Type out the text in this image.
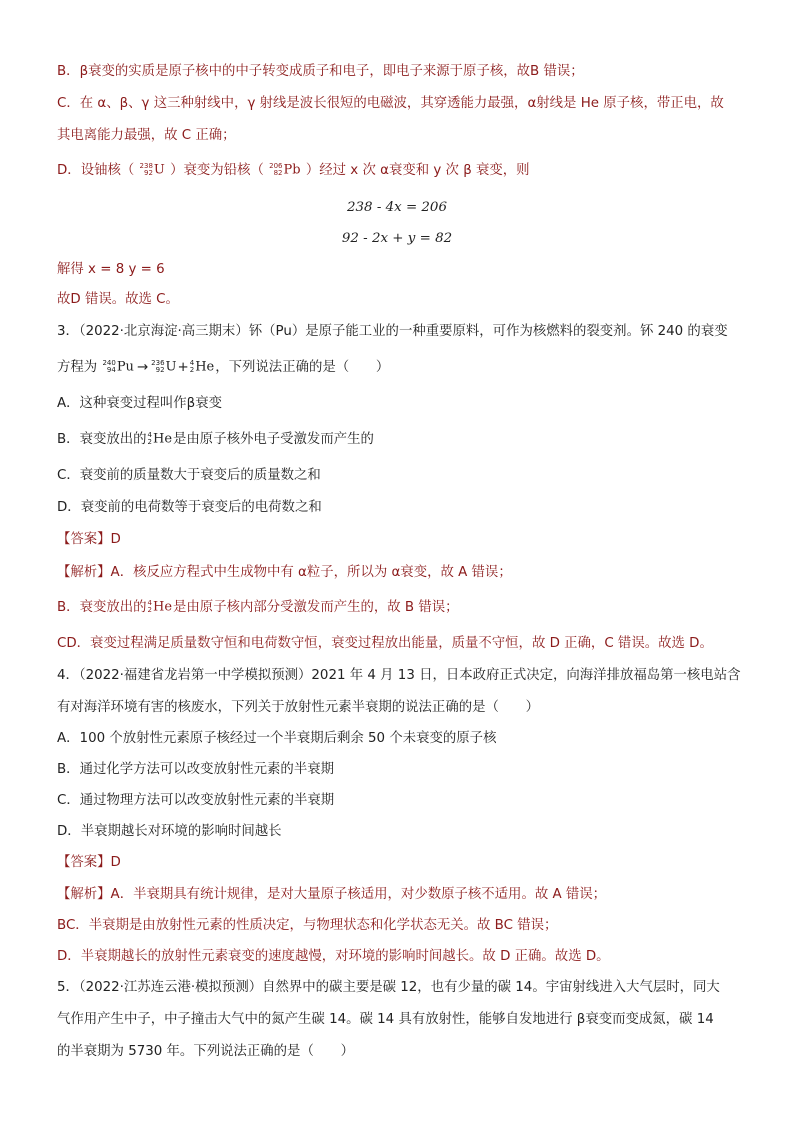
B．β衰变的实质是原子核中的中子转变成质子和电子，即电子来源于原子核，故B 错误；
C．在 α、β、γ 这三种射线中，γ 射线是波长很短的电磁波，其穿透能力最强，α射线是 He 原子核，带正电，故
其电离能力最强，故 C 正确；
D．设铀核（ 238
92 U ）衰变为铅核（ 206
82 Pb ）经过 x 次 α衰变和 y 次 β 衰变，则
238 - 4x = 206
92 - 2x + y = 82
解得 x = 8 y = 6
故D 错误。故选 C。
3．（2022·北京海淀·高三期末）钚（Pu）是原子能工业的一种重要原料，可作为核燃料的裂变剂。钚 240 的衰变
方程为 240
94 Pu → 236
92 U+ 4
2 He，下列说法正确的是（　　）
A．这种衰变过程叫作β衰变
B．衰变放出的 4
2 He是由原子核外电子受激发而产生的
C．衰变前的质量数大于衰变后的质量数之和
D．衰变前的电荷数等于衰变后的电荷数之和
【答案】D
【解析】A．核反应方程式中生成物中有 α粒子，所以为 α衰变，故 A 错误；
B．衰变放出的 4
2 He是由原子核内部分受激发而产生的，故 B 错误；
CD．衰变过程满足质量数守恒和电荷数守恒，衰变过程放出能量，质量不守恒，故 D 正确，C 错误。故选 D。
4．（2022·福建省龙岩第一中学模拟预测）2021 年 4 月 13 日，日本政府正式决定，向海洋排放福岛第一核电站含
有对海洋环境有害的核废水，下列关于放射性元素半衰期的说法正确的是（　　）
A．100 个放射性元素原子核经过一个半衰期后剩余 50 个未衰变的原子核
B．通过化学方法可以改变放射性元素的半衰期
C．通过物理方法可以改变放射性元素的半衰期
D．半衰期越长对环境的影响时间越长
【答案】D
【解析】A．半衰期具有统计规律，是对大量原子核适用，对少数原子核不适用。故 A 错误；
BC．半衰期是由放射性元素的性质决定，与物理状态和化学状态无关。故 BC 错误；
D．半衰期越长的放射性元素衰变的速度越慢，对环境的影响时间越长。故 D 正确。故选 D。
5．（2022·江苏连云港·模拟预测）自然界中的碳主要是碳 12，也有少量的碳 14。宇宙射线进入大气层时，同大
气作用产生中子，中子撞击大气中的氮产生碳 14。碳 14 具有放射性，能够自发地进行 β衰变而变成氮，碳 14
的半衰期为 5730 年。下列说法正确的是（　　）
